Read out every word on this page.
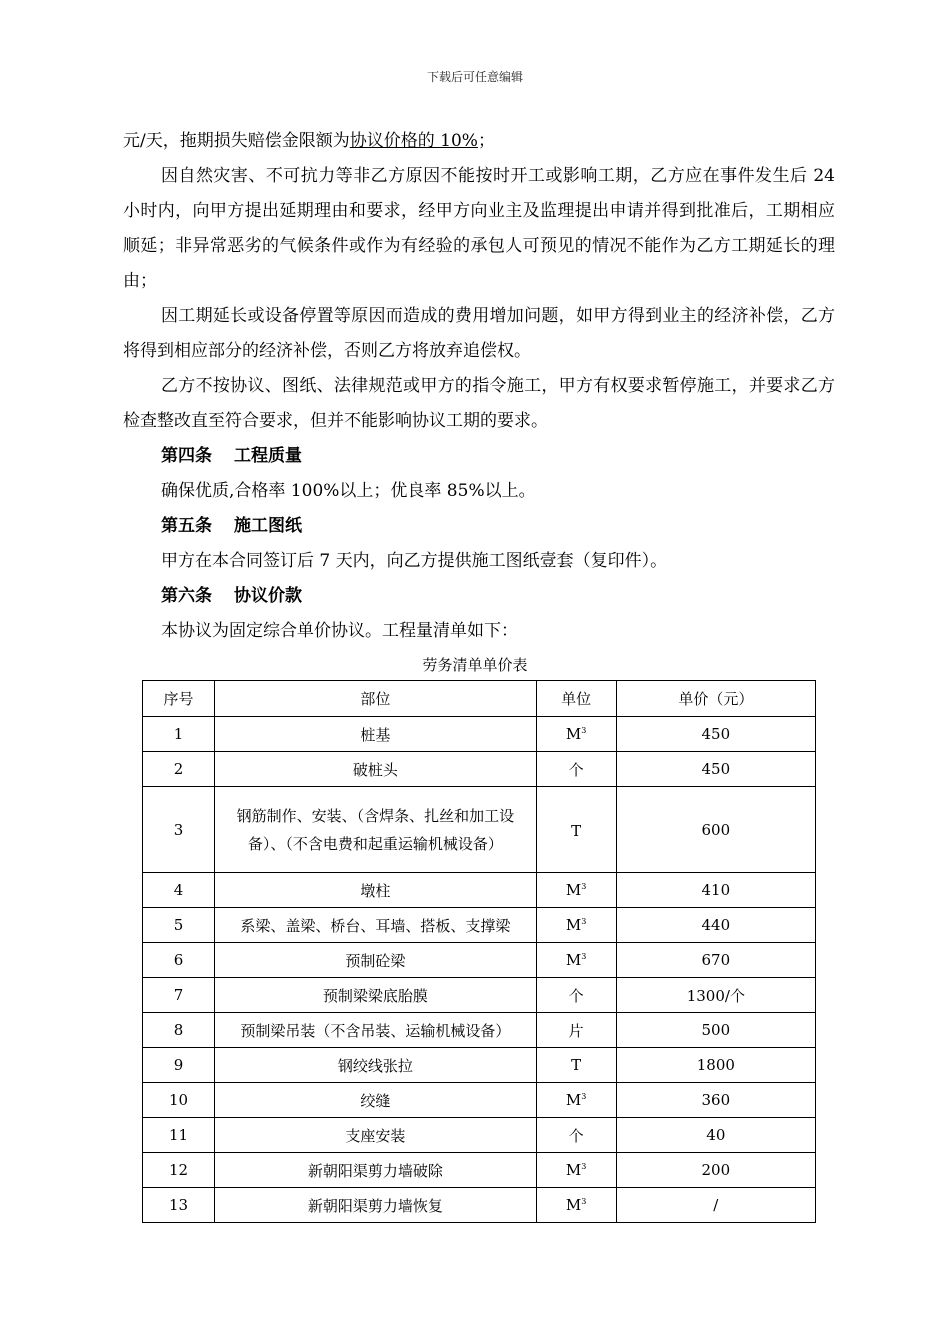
下载后可任意编辑

元/天，拖期损失赔偿金限额为协议价格的 10%；

因自然灾害、不可抗力等非乙方原因不能按时开工或影响工期，乙方应在事件发生后 24 小时内，向甲方提出延期理由和要求，经甲方向业主及监理提出申请并得到批准后，工期相应顺延；非异常恶劣的气候条件或作为有经验的承包人可预见的情况不能作为乙方工期延长的理由；

因工期延长或设备停置等原因而造成的费用增加问题，如甲方得到业主的经济补偿，乙方将得到相应部分的经济补偿，否则乙方将放弃追偿权。

乙方不按协议、图纸、法律规范或甲方的指令施工，甲方有权要求暂停施工，并要求乙方检查整改直至符合要求，但并不能影响协议工期的要求。

第四条 工程质量

确保优质,合格率 100%以上；优良率 85%以上。

第五条 施工图纸

甲方在本合同签订后 7 天内，向乙方提供施工图纸壹套（复印件）。

第六条 协议价款

本协议为固定综合单价协议。工程量清单如下：

劳务清单单价表
序号	部位	单位	单价（元）
1	桩基	$M^3$	450
2	破桩头	个	450
3	钢筋制作、安装、（含焊条、扎丝和加工设备）、（不含电费和起重运输机械设备）	T	600
4	墩柱	$M^3$	410
5	系梁、盖梁、桥台、耳墙、搭板、支撑梁	$M^3$	440
6	预制砼梁	$M^3$	670
7	预制梁梁底胎膜	个	1300/个
8	预制梁吊装（不含吊装、运输机械设备）	片	500
9	钢绞线张拉	T	1800
10	绞缝	$M^3$	360
11	支座安装	个	40
12	新朝阳渠剪力墙破除	$M^3$	200
13	新朝阳渠剪力墙恢复	$M^3$	/
